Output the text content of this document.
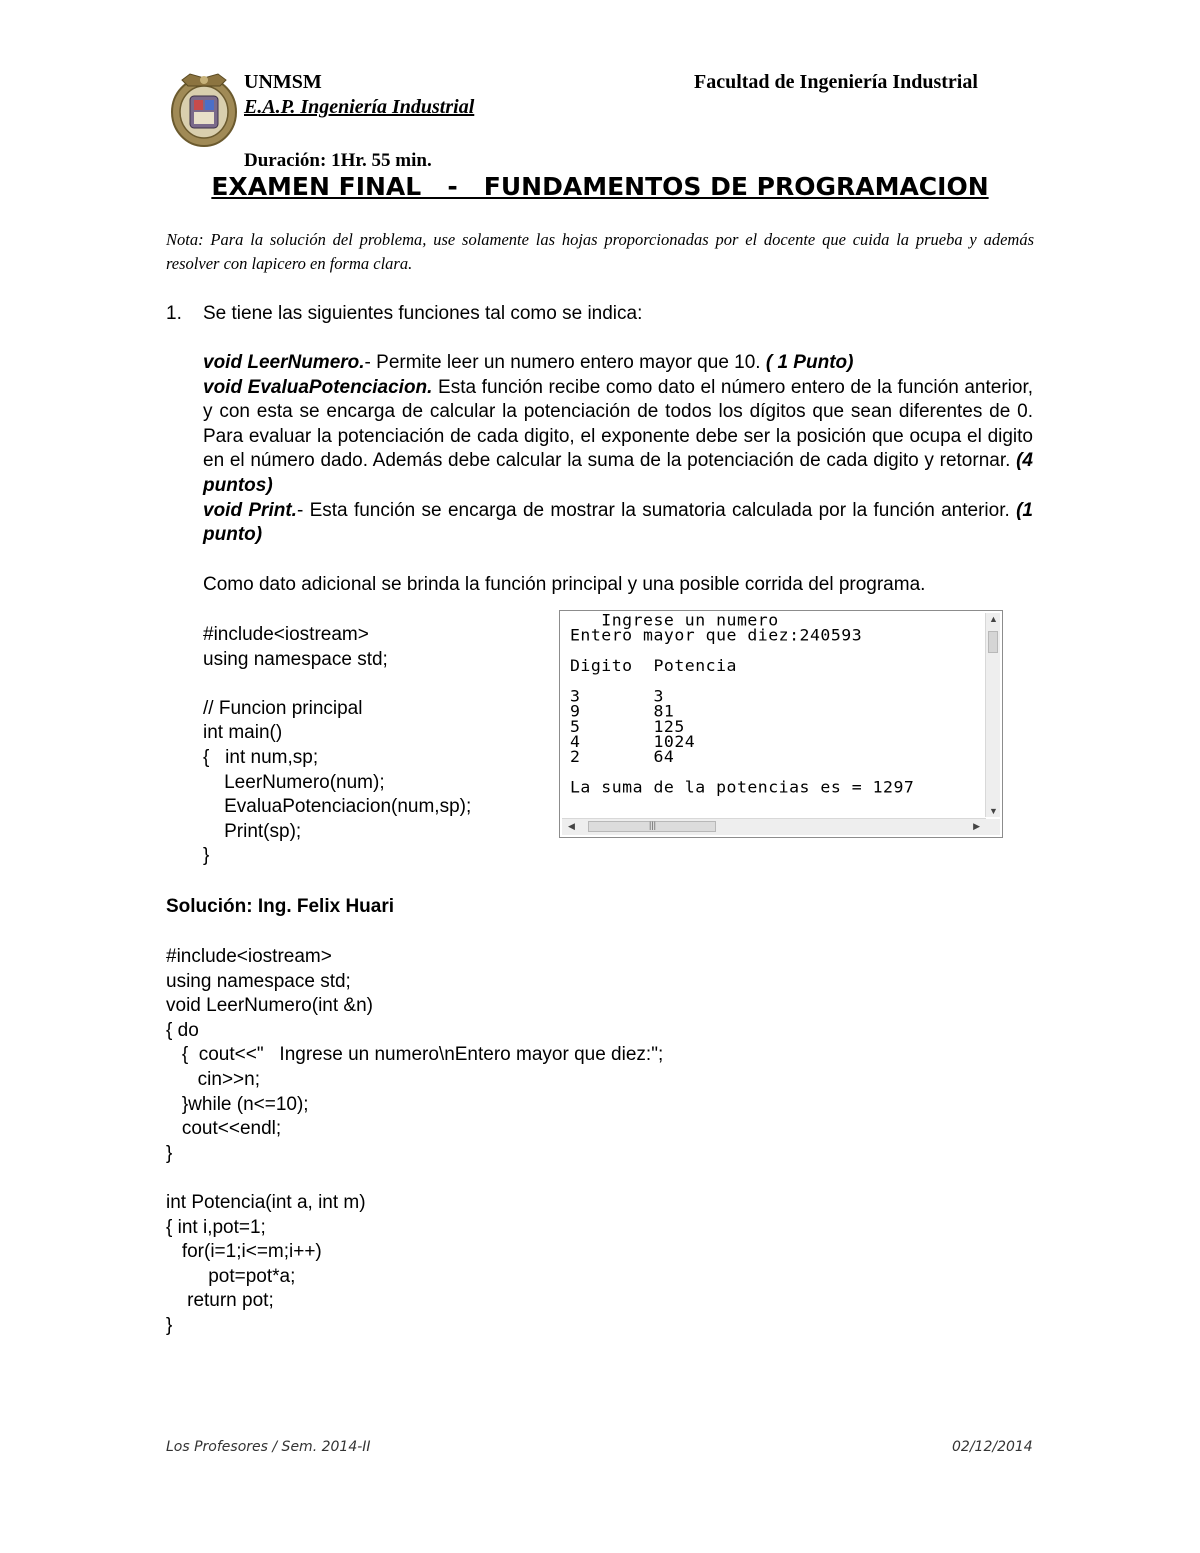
UNMSM
E.A.P. Ingeniería Industrial
Facultad de Ingeniería Industrial
Duración: 1Hr. 55 min.
EXAMEN FINAL   -   FUNDAMENTOS DE PROGRAMACION
Nota: Para la solución del problema, use solamente las hojas proporcionadas por el docente que cuida la prueba y además resolver con lapicero en forma clara.
1. Se tiene las siguientes funciones tal como se indica:

void LeerNumero.- Permite leer un numero entero mayor que 10. ( 1 Punto)

void EvaluaPotenciacion. Esta función recibe como dato el número entero de la función anterior, y con esta se encarga de calcular la potenciación de todos los dígitos que sean diferentes de 0. Para evaluar la potenciación de cada digito, el exponente debe ser la posición que ocupa el digito en el número dado. Además debe calcular la suma de la potenciación de cada digito y retornar. (4 puntos)

void Print.- Esta función se encarga de mostrar la sumatoria calculada por la función anterior. (1 punto)

Como dato adicional se brinda la función principal y una posible corrida del programa.
#include<iostream>
using namespace std;

// Funcion principal
int main()
{   int num,sp;
LeerNumero(num);
EvaluaPotenciacion(num,sp);
Print(sp);
}
Ingrese un numero
Entero mayor que diez:240593

Digito  Potencia

3       3
9       81
5       125
4       1024
2       64

La suma de la potencias es = 1297
▲
▼
◀	|||	▶
Solución: Ing. Felix Huari
#include<iostream>
using namespace std;
void LeerNumero(int &n)
{ do
{  cout<<"   Ingrese un numero\nEntero mayor que diez:";
cin>>n;
}while (n<=10);
cout<<endl;
}

int Potencia(int a, int m)
{ int i,pot=1;
for(i=1;i<=m;i++)
pot=pot*a;
return pot;
}
Los Profesores / Sem. 2014-II	02/12/2014
